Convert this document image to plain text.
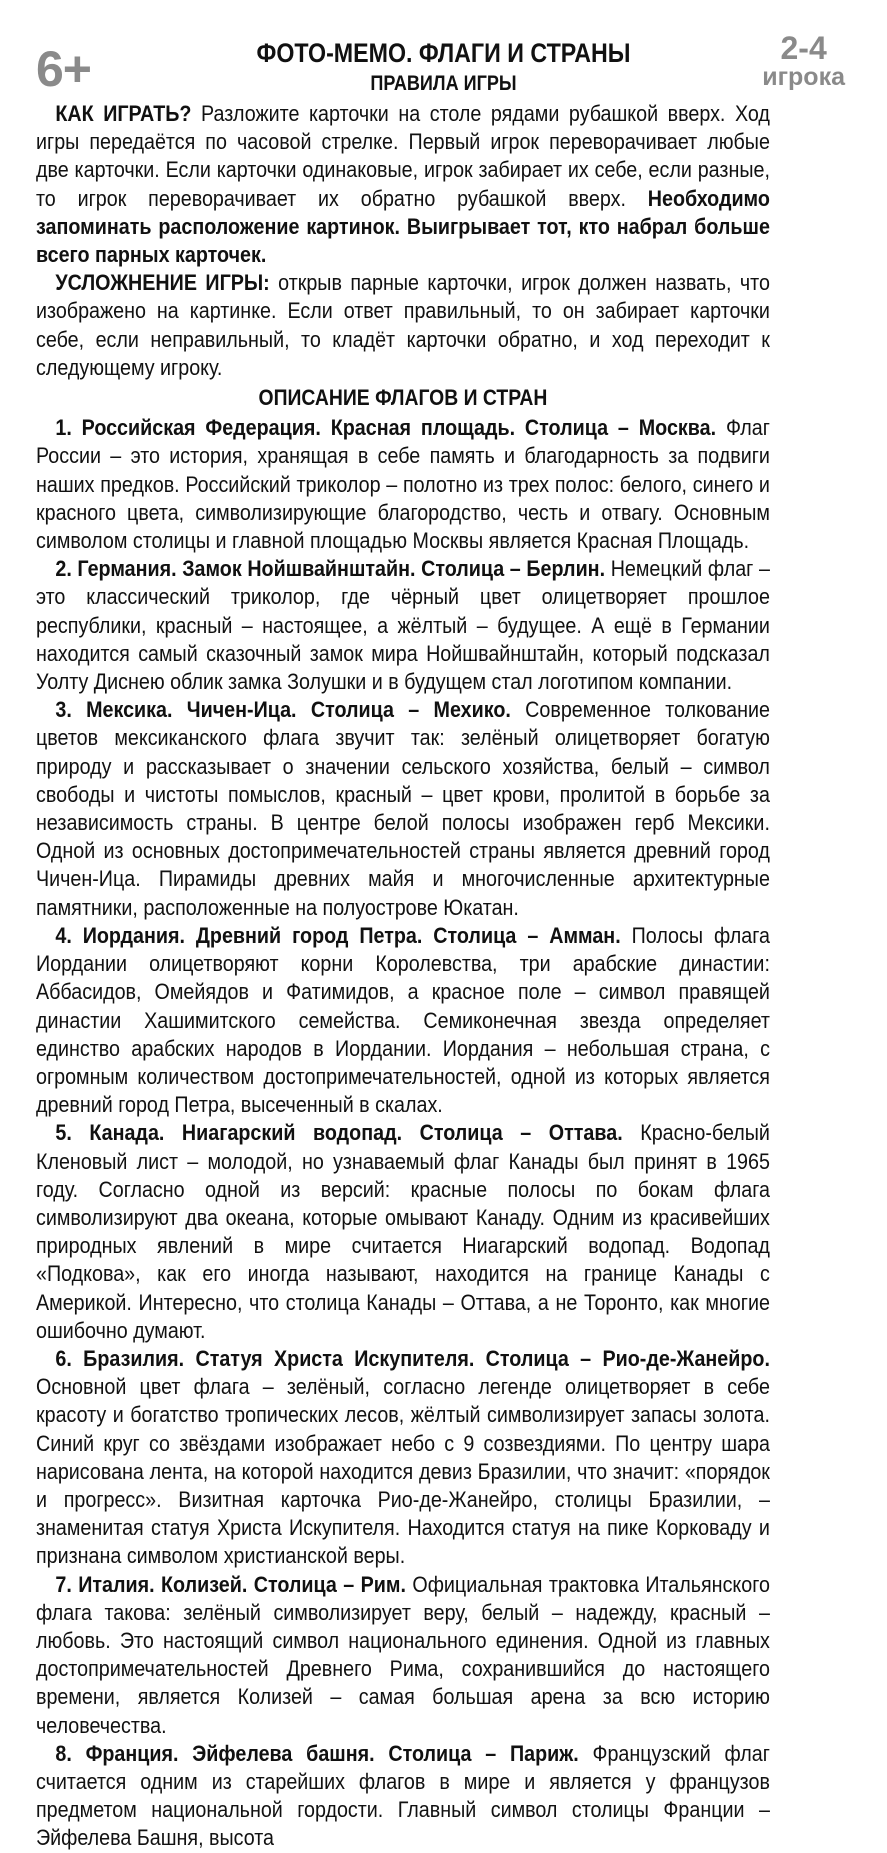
6+	2-4
игрока
ФОТО-МЕМО. ФЛАГИ И СТРАНЫ
ПРАВИЛА ИГРЫ

КАК ИГРАТЬ? Разложите карточки на столе рядами рубашкой вверх. Ход игры передаётся по часовой стрелке. Первый игрок переворачивает любые две карточки. Если карточки одинаковые, игрок забирает их себе, если разные, то игрок переворачивает их обратно рубашкой вверх. Необходимо запоминать расположение картинок. Выигрывает тот, кто набрал больше всего парных карточек.

УСЛОЖНЕНИЕ ИГРЫ: открыв парные карточки, игрок должен назвать, что изображено на картинке. Если ответ правильный, то он забирает карточки себе, если неправильный, то кладёт карточки обратно, и ход переходит к следующему игроку.

ОПИСАНИЕ ФЛАГОВ И СТРАН

1. Российская Федерация. Красная площадь. Столица – Москва. Флаг России – это история, хранящая в себе память и благодарность за подвиги наших предков. Российский триколор – полотно из трех полос: белого, синего и красного цвета, символизирующие благородство, честь и отвагу. Основным символом столицы и главной площадью Москвы является Красная Площадь.

2. Германия. Замок Нойшвайнштайн. Столица – Берлин. Немецкий флаг – это классический триколор, где чёрный цвет олицетворяет прошлое республики, красный – настоящее, а жёлтый – будущее. А ещё в Германии находится самый сказочный замок мира Нойшвайнштайн, который подсказал Уолту Диснею облик замка Золушки и в будущем стал логотипом компании.

3. Мексика. Чичен-Ица. Столица – Мехико. Современное толкование цветов мексиканского флага звучит так: зелёный олицетворяет богатую природу и рассказывает о значении сельского хозяйства, белый – символ свободы и чистоты помыслов, красный – цвет крови, пролитой в борьбе за независимость страны. В центре белой полосы изображен герб Мексики. Одной из основных достопримечательностей страны является древний город Чичен-Ица. Пирамиды древних майя и многочисленные архитектурные памятники, расположенные на полуострове Юкатан.

4. Иордания. Древний город Петра. Столица – Амман. Полосы флага Иордании олицетворяют корни Королевства, три арабские династии: Аббасидов, Омейядов и Фатимидов, а красное поле – символ правящей династии Хашимитского семейства. Семиконечная звезда определяет единство арабских народов в Иордании. Иордания – небольшая страна, с огромным количеством достопримечательностей, одной из которых является древний город Петра, высеченный в скалах.

5. Канада. Ниагарский водопад. Столица – Оттава. Красно-белый Кленовый лист – молодой, но узнаваемый флаг Канады был принят в 1965 году. Согласно одной из версий: красные полосы по бокам флага символизируют два океана, которые омывают Канаду. Одним из красивейших природных явлений в мире считается Ниагарский водопад. Водопад «Подкова», как его иногда называют, находится на границе Канады с Америкой. Интересно, что столица Канады – Оттава, а не Торонто, как многие ошибочно думают.

6. Бразилия. Статуя Христа Искупителя. Столица – Рио-де-Жанейро. Основной цвет флага – зелёный, согласно легенде олицетворяет в себе красоту и богатство тропических лесов, жёлтый символизирует запасы золота. Синий круг со звёздами изображает небо с 9 созвездиями. По центру шара нарисована лента, на которой находится девиз Бразилии, что значит: «порядок и прогресс». Визитная карточка Рио-де-Жанейро, столицы Бразилии, – знаменитая статуя Христа Искупителя. Находится статуя на пике Корковаду и признана символом христианской веры.

7. Италия. Колизей. Столица – Рим. Официальная трактовка Итальянского флага такова: зелёный символизирует веру, белый – надежду, красный – любовь. Это настоящий символ национального единения. Одной из главных достопримечательностей Древнего Рима, сохранившийся до настоящего времени, является Колизей – самая большая арена за всю историю человечества.

8. Франция. Эйфелева башня. Столица – Париж. Французский флаг считается одним из старейших флагов в мире и является у французов предметом национальной гордости. Главный символ столицы Франции – Эйфелева Башня, высота
